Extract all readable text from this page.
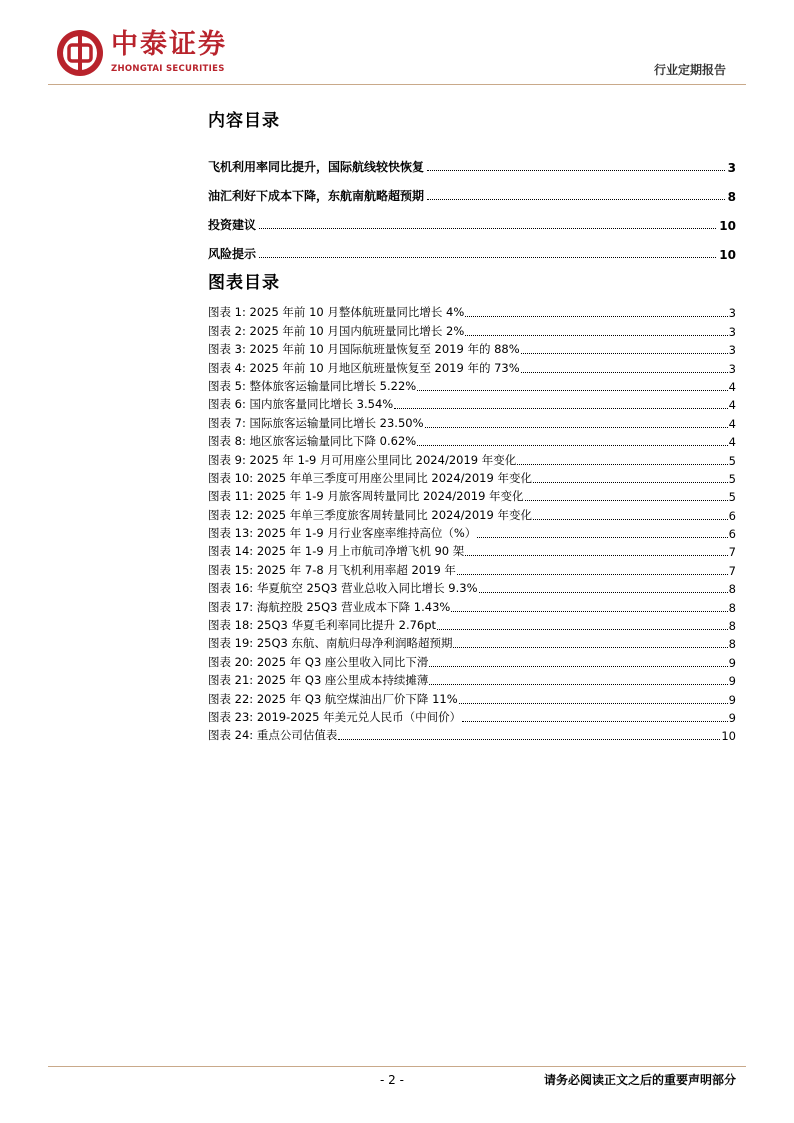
中泰证券
ZHONGTAI SECURITIES	行业定期报告
内容目录
飞机利用率同比提升，国际航线较快恢复	3
油汇利好下成本下降，东航南航略超预期	8
投资建议	10
风险提示	10
图表目录
图表 1: 2025 年前 10 月整体航班量同比增长 4%	3
图表 2: 2025 年前 10 月国内航班量同比增长 2%	3
图表 3: 2025 年前 10 月国际航班量恢复至 2019 年的 88%	3
图表 4: 2025 年前 10 月地区航班量恢复至 2019 年的 73%	3
图表 5: 整体旅客运输量同比增长 5.22%	4
图表 6: 国内旅客量同比增长 3.54%	4
图表 7: 国际旅客运输量同比增长 23.50%	4
图表 8: 地区旅客运输量同比下降 0.62%	4
图表 9: 2025 年 1-9 月可用座公里同比 2024/2019 年变化	5
图表 10: 2025 年单三季度可用座公里同比 2024/2019 年变化	5
图表 11: 2025 年 1-9 月旅客周转量同比 2024/2019 年变化	5
图表 12: 2025 年单三季度旅客周转量同比 2024/2019 年变化	6
图表 13: 2025 年 1-9 月行业客座率维持高位（%）	6
图表 14: 2025 年 1-9 月上市航司净增飞机 90 架	7
图表 15: 2025 年 7-8 月飞机利用率超 2019 年	7
图表 16: 华夏航空 25Q3 营业总收入同比增长 9.3%	8
图表 17: 海航控股 25Q3 营业成本下降 1.43%	8
图表 18: 25Q3 华夏毛利率同比提升 2.76pt	8
图表 19: 25Q3 东航、南航归母净利润略超预期	8
图表 20: 2025 年 Q3 座公里收入同比下滑	9
图表 21: 2025 年 Q3 座公里成本持续摊薄	9
图表 22: 2025 年 Q3 航空煤油出厂价下降 11%	9
图表 23: 2019-2025 年美元兑人民币（中间价）	9
图表 24: 重点公司估值表	10
- 2 -	请务必阅读正文之后的重要声明部分
